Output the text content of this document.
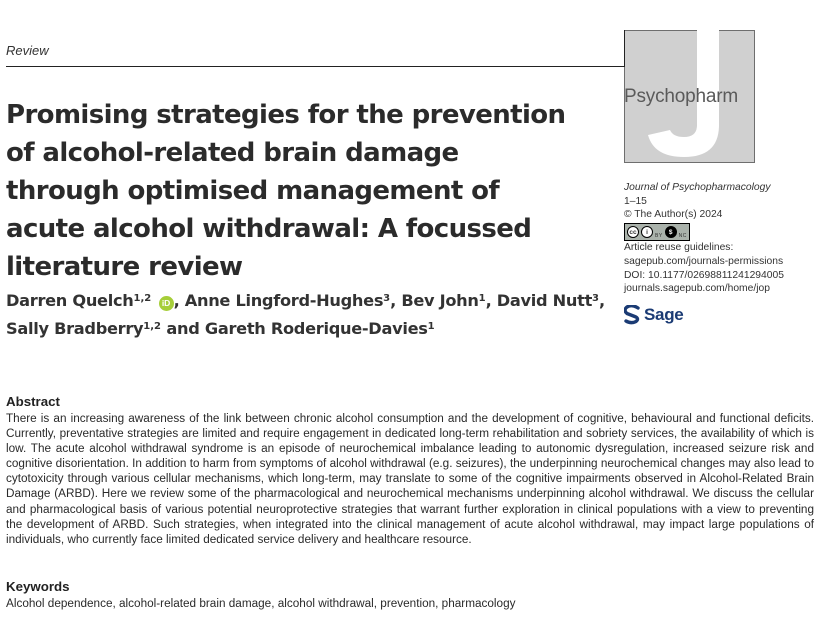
Review
Promising strategies for the prevention of alcohol-related brain damage through optimised management of acute alcohol withdrawal: A focussed literature review
Darren Quelch$^{1,2}$ iD , Anne Lingford-Hughes$^3$, Bev John$^1$, David Nutt$^3$,
Sally Bradberry$^{1,2}$ and Gareth Roderique-Davies$^1$
Psychopharm
Journal of Psychopharmacology
1–15
© The Author(s) 2024
cc	i	BY $	NC
Article reuse guidelines:
sagepub.com/journals-permissions
DOI: 10.1177/02698811241294005
journals.sagepub.com/home/jop
Sage
Abstract

There is an increasing awareness of the link between chronic alcohol consumption and the development of cognitive, behavioural and functional deficits. Currently, preventative strategies are limited and require engagement in dedicated long-term rehabilitation and sobriety services, the availability of which is low. The acute alcohol withdrawal syndrome is an episode of neurochemical imbalance leading to autonomic dysregulation, increased seizure risk and cognitive disorientation. In addition to harm from symptoms of alcohol withdrawal (e.g. seizures), the underpinning neurochemical changes may also lead to cytotoxicity through various cellular mechanisms, which long-term, may translate to some of the cognitive impairments observed in Alcohol-Related Brain Damage (ARBD). Here we review some of the pharmacological and neurochemical mechanisms underpinning alcohol withdrawal. We discuss the cellular and pharmacological basis of various potential neuroprotective strategies that warrant further exploration in clinical populations with a view to preventing the development of ARBD. Such strategies, when integrated into the clinical management of acute alcohol withdrawal, may impact large populations of individuals, who currently face limited dedicated service delivery and healthcare resource.

Keywords
Alcohol dependence, alcohol-related brain damage, alcohol withdrawal, prevention, pharmacology
